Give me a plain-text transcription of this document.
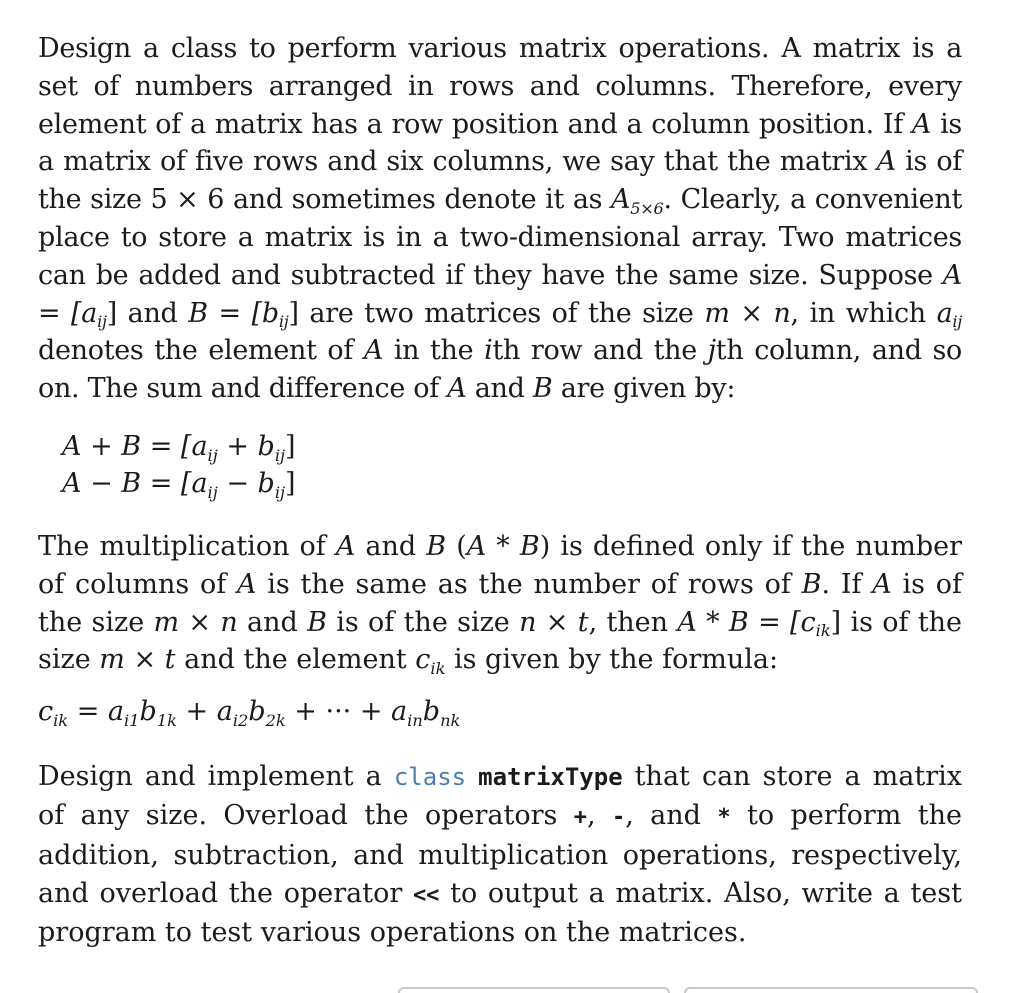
Design a class to perform various matrix operations. A matrix is a set of numbers arranged in rows and columns. Therefore, every element of a matrix has a row position and a column position. If A is a matrix of five rows and six columns, we say that the matrix A is of the size 5 × 6 and sometimes denote it as $A_{5\times 6}$. Clearly, a convenient place to store a matrix is in a two-dimensional array. Two matrices can be added and subtracted if they have the same size. Suppose $A = [a_{ij}]$ and $B = [b_{ij}]$ are two matrices of the size m × n, in which $a_{ij}$ denotes the element of A in the ith row and the jth column, and so on. The sum and difference of A and B are given by:

$A + B = [a_{ij} + b_{ij}]$

$A - B = [a_{ij} - b_{ij}]$

The multiplication of A and B (A * B) is defined only if the number of columns of A is the same as the number of rows of B. If A is of the size m × n and B is of the size n × t, then $A * B = [c_{ik}]$ is of the size m × t and the element $c_{ik}$ is given by the formula:

$c_{ik} = a_{i1}b_{1k} + a_{i2}b_{2k}$ + ··· + $a_{in}b_{nk}$

Design and implement a class matrixType that can store a matrix of any size. Overload the operators +, -, and * to perform the addition, subtraction, and multiplication operations, respectively, and overload the operator << to output a matrix. Also, write a test program to test various operations on the matrices.
